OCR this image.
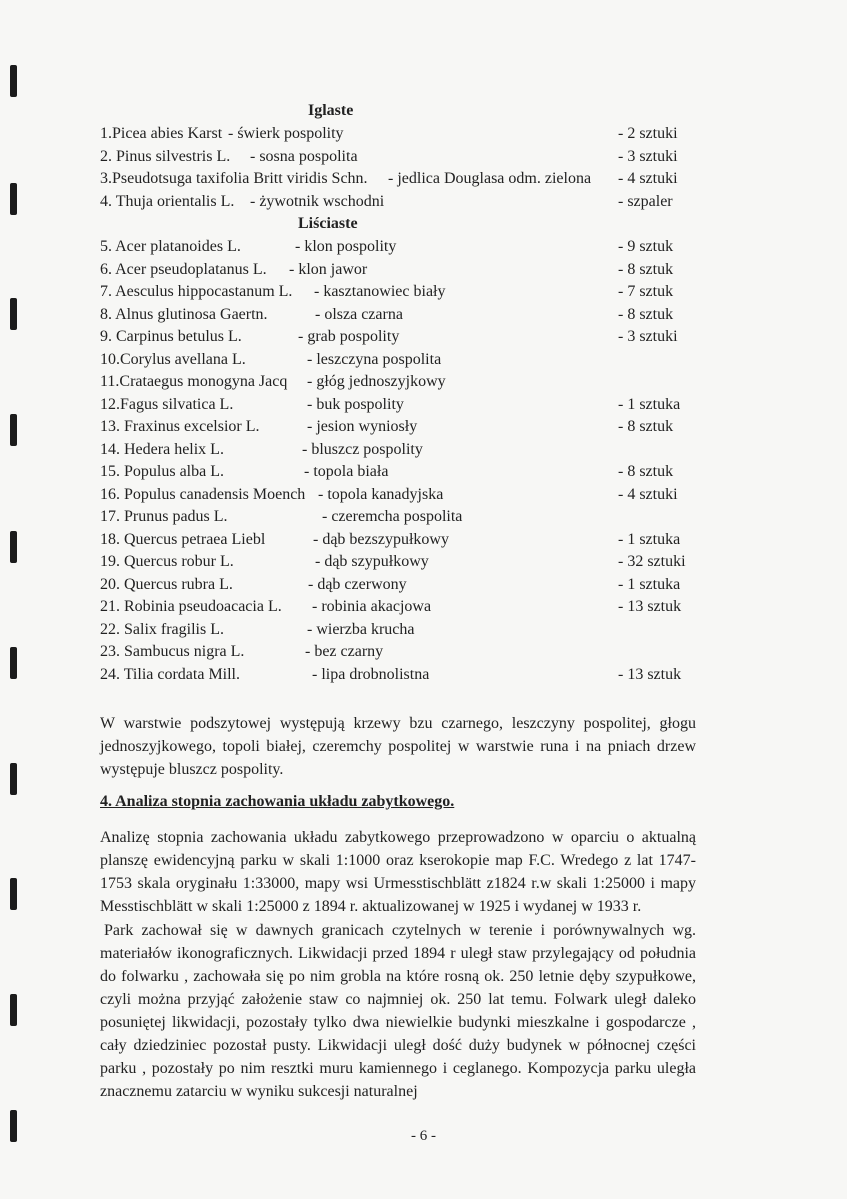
Iglaste
1.Picea abies Karst - świerk pospolity	- 2 sztuki
2. Pinus silvestris L. - sosna pospolita	- 3 sztuki
3.Pseudotsuga taxifolia Britt viridis Schn. - jedlica Douglasa odm. zielona - 4 sztuki
4. Thuja orientalis L. - żywotnik wschodni	- szpaler
Liściaste
5. Acer platanoides L.	- klon pospolity	- 9 sztuk
6. Acer pseudoplatanus L. - klon jawor	- 8 sztuk
7. Aesculus hippocastanum L. - kasztanowiec biały	- 7 sztuk
8. Alnus glutinosa Gaertn.	- olsza czarna	- 8 sztuk
9. Carpinus betulus L.	- grab pospolity	- 3 sztuki
10.Corylus avellana L.	- leszczyna pospolita
11.Crataegus monogyna Jacq - głóg jednoszyjkowy
12.Fagus silvatica L.	- buk pospolity	- 1 sztuka
13. Fraxinus excelsior L.	- jesion wyniosły	- 8 sztuk
14. Hedera helix L.	- bluszcz pospolity
15. Populus alba L.	- topola biała	- 8 sztuk
16. Populus canadensis Moench - topola kanadyjska	- 4 sztuki
17. Prunus padus L.	- czeremcha pospolita
18. Quercus petraea Liebl	- dąb bezszypułkowy	- 1 sztuka
19. Quercus robur L.	- dąb szypułkowy	- 32 sztuki
20. Quercus rubra L.	- dąb czerwony	- 1 sztuka
21. Robinia pseudoacacia L. - robinia akacjowa	- 13 sztuk
22. Salix fragilis L.	- wierzba krucha
23. Sambucus nigra L.	- bez czarny
24. Tilia cordata Mill.	- lipa drobnolistna	- 13 sztuk

W warstwie podszytowej występują krzewy bzu czarnego, leszczyny pospolitej, głogu jednoszyjkowego, topoli białej, czeremchy pospolitej w warstwie runa i na pniach drzew występuje bluszcz pospolity.

4. Analiza stopnia zachowania układu zabytkowego.

Analizę stopnia zachowania układu zabytkowego przeprowadzono w oparciu o aktualną planszę ewidencyjną parku w skali 1:1000 oraz kserokopie map F.C. Wredego z lat 1747-1753 skala oryginału 1:33000, mapy wsi Urmesstischblätt z1824 r.w skali 1:25000 i mapy Messtischblätt w skali 1:25000 z 1894 r. aktualizowanej w 1925 i wydanej w 1933 r.

Park zachował się w dawnych granicach czytelnych w terenie i porównywalnych wg. materiałów ikonograficznych. Likwidacji przed 1894 r uległ staw przylegający od południa do folwarku , zachowała się po nim grobla na które rosną ok. 250 letnie dęby szypułkowe, czyli można przyjąć założenie staw co najmniej ok. 250 lat temu. Folwark uległ daleko posuniętej likwidacji, pozostały tylko dwa niewielkie budynki mieszkalne i gospodarcze , cały dziedziniec pozostał pusty. Likwidacji uległ dość duży budynek w północnej części parku , pozostały po nim resztki muru kamiennego i ceglanego. Kompozycja parku uległa znacznemu zatarciu w wyniku sukcesji naturalnej

- 6 -
